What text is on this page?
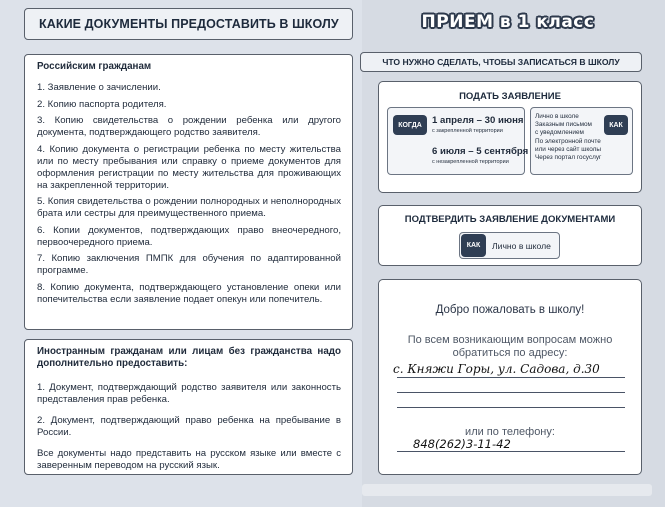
КАКИЕ ДОКУМЕНТЫ ПРЕДОСТАВИТЬ В ШКОЛУ
Российским гражданам
1. Заявление о зачислении.
2. Копию паспорта родителя.
3. Копию свидетельства о рождении ребенка или другого документа, подтверждающего родство заявителя.
4. Копию документа о регистрации ребенка по месту жительства или по месту пребывания или справку о приеме документов для оформления регистрации по месту жительства для проживающих на закрепленной территории.
5. Копия свидетельства о рождении полнородных и неполнородных брата или сестры для преимущественного приема.
6. Копии документов, подтверждающих право внеочередного, первоочередного приема.
7. Копию заключения ПМПК для обучения по адаптированной программе.
8. Копию документа, подтверждающего установление опеки или попечительства если заявление подает опекун или попечитель.
Иностранным гражданам или лицам без гражданства надо дополнительно предоставить:
1. Документ, подтверждающий родство заявителя или законность представления прав ребенка.
2. Документ, подтверждающий право ребенка на пребывание в России.
Все документы надо представить на русском языке или вместе с заверенным переводом на русский язык.
ПРИЕМ в 1 класс
ЧТО НУЖНО СДЕЛАТЬ, ЧТОБЫ ЗАПИСАТЬСЯ В ШКОЛУ
ПОДАТЬ ЗАЯВЛЕНИЕ
КОГДА	1 апреля – 30 июня
с закрепленной территории
6 июля – 5 сентября
с незакрепленной территории
Лично в школе
Заказным письмом
с уведомлением
По электронной почте
или через сайт школы
Через портал госуслуг
КАК
ПОДТВЕРДИТЬ ЗАЯВЛЕНИЕ ДОКУМЕНТАМИ
КАК	Лично в школе
Добро пожаловать в школу!
По всем возникающим вопросам можно
обратиться по адресу:
с. Княжи Горы, ул. Садова, д.30
или по телефону:
848(262)3-11-42
